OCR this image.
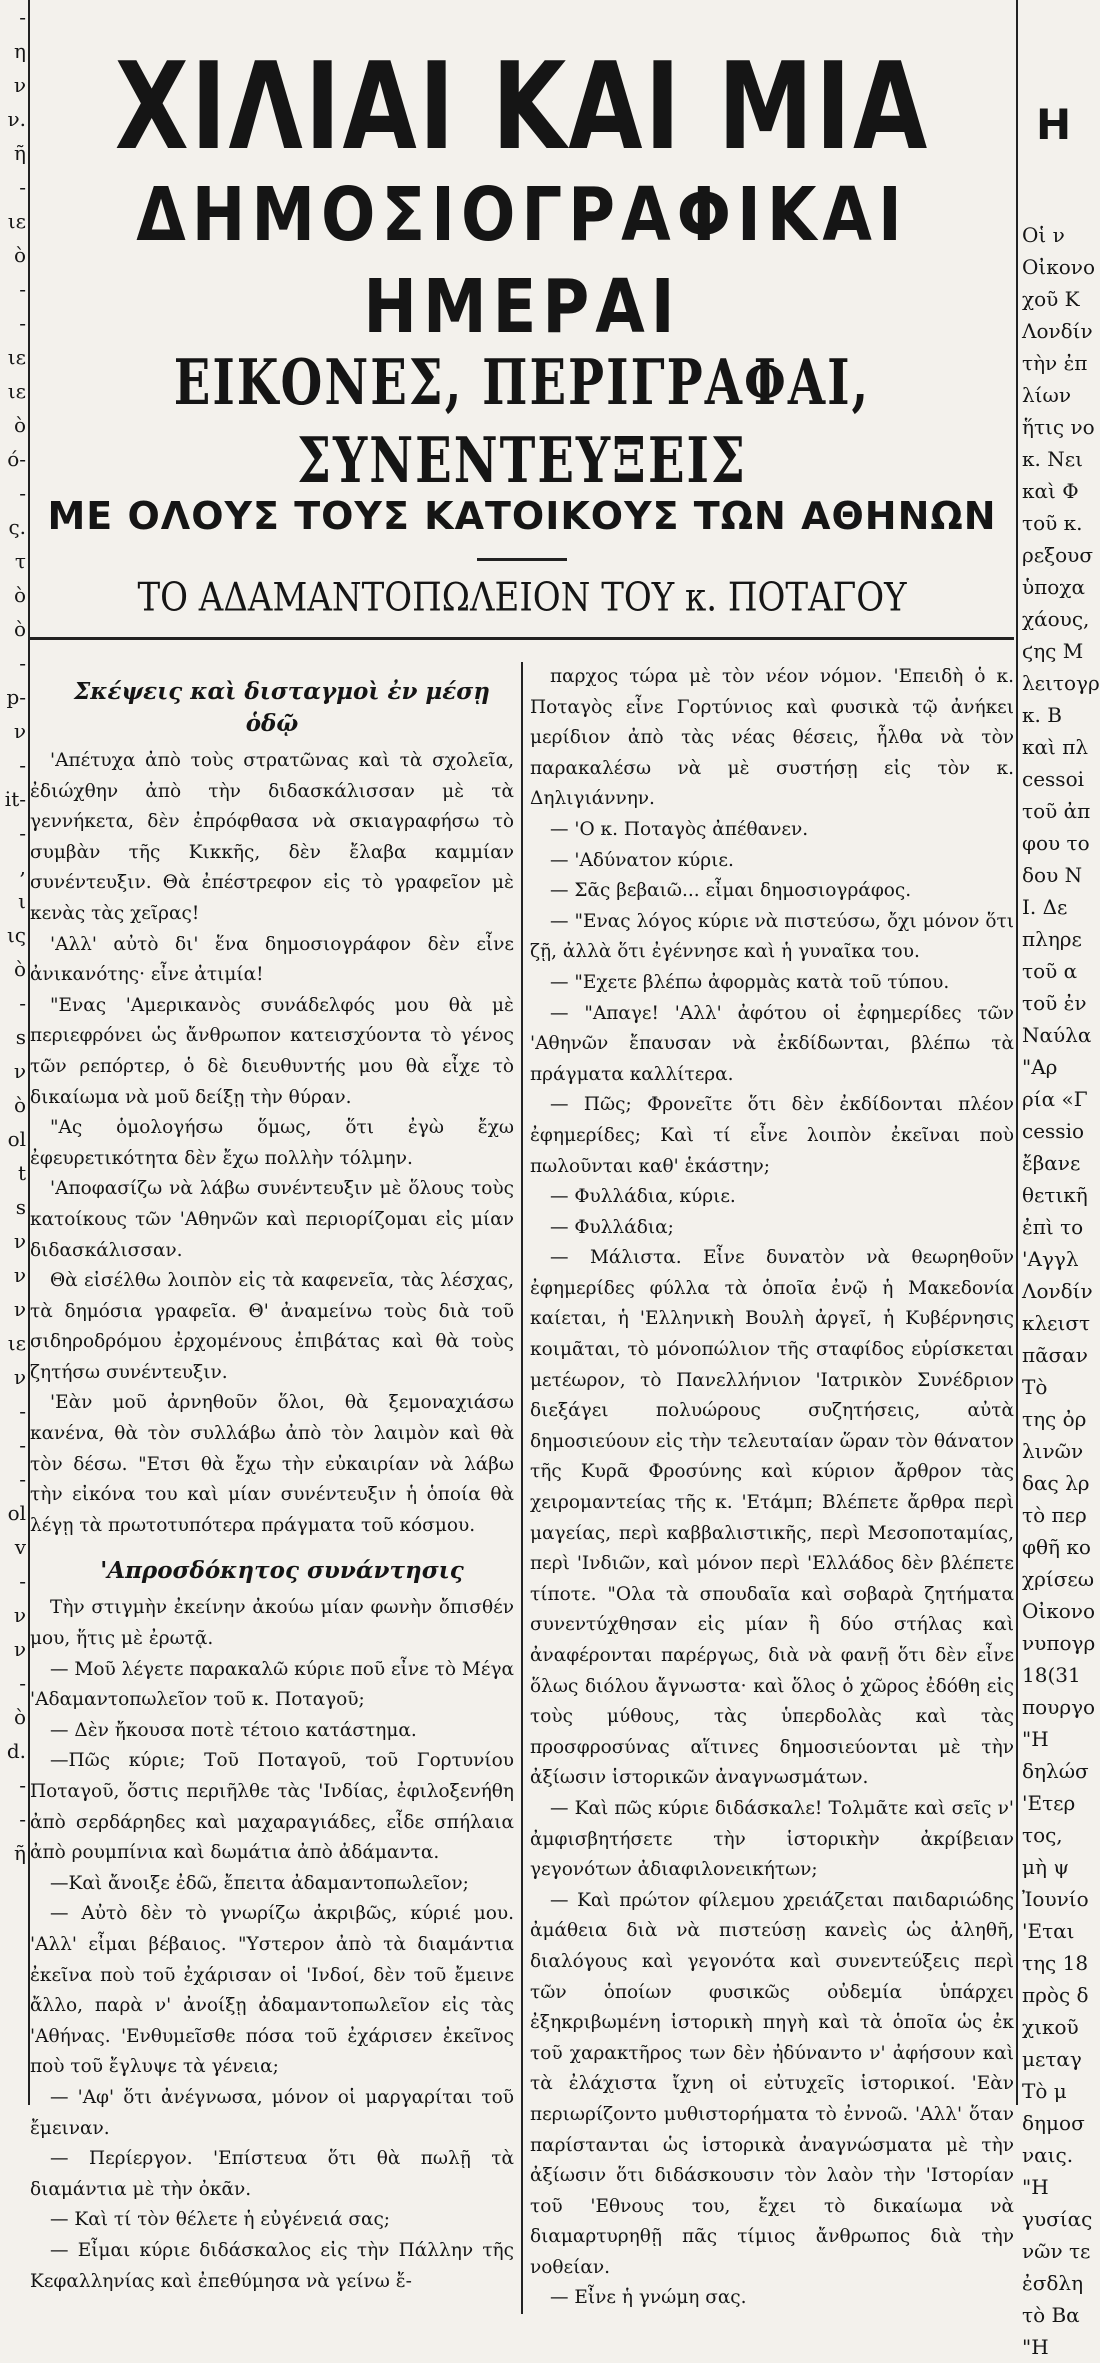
-
η
ν
ν.
ῆ
-
ιε
ò
-
-
ιε
ιε
ò
ό-
-
ς.
τ
ò
ὸ
-
p-
ν
-
it-
-
,
ι
ις
ὸ
-
s
ν
ò
ol
t
s
ν
ν
ν
ιε
ν
-
-
-
ol
v
-
ν
ν
-
ò
d.
-
-
ῆ
ΧΙΛΙΑΙ ΚΑΙ ΜΙΑ
ΔΗΜΟΣΙΟΓΡΑΦΙΚΑΙ ΗΜΕΡΑΙ
ΕΙΚΟΝΕΣ, ΠΕΡΙΓΡΑΦΑΙ, ΣΥΝΕΝΤΕΥΞΕΙΣ
ΜΕ ΟΛΟΥΣ ΤΟΥΣ ΚΑΤΟΙΚΟΥΣ ΤΩΝ ΑΘΗΝΩΝ
ΤΟ ΑΔΑΜΑΝΤΟΠΩΛΕΙΟΝ ΤΟΥ κ. ΠΟΤΑΓΟΥ

Σκέψεις καὶ δισταγμοὶ ἐν μέσῃ ὁδῷ

'Απέτυχα ἀπὸ τοὺς στρατῶνας καὶ τὰ σχολεῖα, ἐδιώχθην ἀπὸ τὴν διδασκάλισσαν μὲ τὰ γεννήκετα, δὲν ἐπρόφθασα νὰ σκιαγραφήσω τὸ συμβὰν τῆς Κικκῆς, δὲν ἔλαβα καμμίαν συνέντευξιν. Θὰ ἐπέστρεφον εἰς τὸ γραφεῖον μὲ κενὰς τὰς χεῖρας!

'Αλλ' αὐτὸ δι' ἕνα δημοσιογράφον δὲν εἶνε ἀνικανότης· εἶνε ἀτιμία!

"Ενας 'Αμερικανὸς συνάδελφός μου θὰ μὲ περιεφρόνει ὡς ἄνθρωπον κατεισχύοντα τὸ γένος τῶν ρεπόρτερ, ὁ δὲ διευθυντής μου θὰ εἶχε τὸ δικαίωμα νὰ μοῦ δείξῃ τὴν θύραν.

"Ας ὁμολογήσω ὅμως, ὅτι ἐγὼ ἔχω ἐφευρετικότητα δὲν ἔχω πολλὴν τόλμην.

'Αποφασίζω νὰ λάβω συνέντευξιν μὲ ὅλους τοὺς κατοίκους τῶν 'Αθηνῶν καὶ περιορίζομαι εἰς μίαν διδασκάλισσαν.

Θὰ εἰσέλθω λοιπὸν εἰς τὰ καφενεῖα, τὰς λέσχας, τὰ δημόσια γραφεῖα. Θ' ἀναμείνω τοὺς διὰ τοῦ σιδηροδρόμου ἐρχομένους ἐπιβάτας καὶ θὰ τοὺς ζητήσω συνέντευξιν.

'Εὰν μοῦ ἀρνηθοῦν ὅλοι, θὰ ξεμοναχιάσω κανένα, θὰ τὸν συλλάβω ἀπὸ τὸν λαιμὸν καὶ θὰ τὸν δέσω. "Ετσι θὰ ἔχω τὴν εὐκαιρίαν νὰ λάβω τὴν εἰκόνα του καὶ μίαν συνέντευξιν ἡ ὁποία θὰ λέγῃ τὰ πρωτοτυπότερα πράγματα τοῦ κόσμου.

'Απροσδόκητος συνάντησις

Τὴν στιγμὴν ἐκείνην ἀκούω μίαν φωνὴν ὄπισθέν μου, ἥτις μὲ ἐρωτᾷ.

— Μοῦ λέγετε παρακαλῶ κύριε ποῦ εἶνε τὸ Μέγα 'Αδαμαντοπωλεῖον τοῦ κ. Ποταγοῦ;

— Δὲν ἤκουσα ποτὲ τέτοιο κατάστημα.

—Πῶς κύριε; Τοῦ Ποταγοῦ, τοῦ Γορτυνίου Ποταγοῦ, ὅστις περιῆλθε τὰς 'Ινδίας, ἐφιλοξενήθη ἀπὸ σερδάρηδες καὶ μαχαραγιάδες, εἶδε σπήλαια ἀπὸ ρουμπίνια καὶ δωμάτια ἀπὸ ἀδάμαντα.

—Καὶ ἄνοιξε ἐδῶ, ἔπειτα ἀδαμαντοπωλεῖον;

— Αὐτὸ δὲν τὸ γνωρίζω ἀκριβῶς, κύριέ μου. 'Αλλ' εἶμαι βέβαιος. "Υστερον ἀπὸ τὰ διαμάντια ἐκεῖνα ποὺ τοῦ ἐχάρισαν οἱ 'Ινδοί, δὲν τοῦ ἔμεινε ἄλλο, παρὰ ν' ἀνοίξῃ ἀδαμαντοπωλεῖον εἰς τὰς 'Αθήνας. 'Ενθυμεῖσθε πόσα τοῦ ἐχάρισεν ἐκεῖνος ποὺ τοῦ ἔγλυψε τὰ γένεια;

— 'Αφ' ὅτι ἀνέγνωσα, μόνον οἱ μαργαρίται τοῦ ἔμειναν.

— Περίεργον. 'Επίστευα ὅτι θὰ πωλῇ τὰ διαμάντια μὲ τὴν ὀκᾶν.

— Καὶ τί τὸν θέλετε ἡ εὐγένειά σας;

— Εἶμαι κύριε διδάσκαλος εἰς τὴν Πάλλην τῆς Κεφαλληνίας καὶ ἐπεθύμησα νὰ γείνω ἔ-

παρχος τώρα μὲ τὸν νέον νόμον. 'Επειδὴ ὁ κ. Ποταγὸς εἶνε Γορτύνιος καὶ φυσικὰ τῷ ἀνήκει μερίδιον ἀπὸ τὰς νέας θέσεις, ἦλθα νὰ τὸν παρακαλέσω νὰ μὲ συστήσῃ εἰς τὸν κ. Δηλιγιάννην.

— 'Ο κ. Ποταγὸς ἀπέθανεν.

— 'Αδύνατον κύριε.

— Σᾶς βεβαιῶ... εἶμαι δημοσιογράφος.

— "Ενας λόγος κύριε νὰ πιστεύσω, ὄχι μόνον ὅτι ζῇ, ἀλλὰ ὅτι ἐγέννησε καὶ ἡ γυναῖκα του.

— "Εχετε βλέπω ἀφορμὰς κατὰ τοῦ τύπου.

— "Απαγε! 'Αλλ' ἀφότου οἱ ἐφημερίδες τῶν 'Αθηνῶν ἔπαυσαν νὰ ἐκδίδωνται, βλέπω τὰ πράγματα καλλίτερα.

— Πῶς; Φρονεῖτε ὅτι δὲν ἐκδίδονται πλέον ἐφημερίδες; Καὶ τί εἶνε λοιπὸν ἐκεῖναι ποὺ πωλοῦνται καθ' ἑκάστην;

— Φυλλάδια, κύριε.

— Φυλλάδια;

— Μάλιστα. Εἶνε δυνατὸν νὰ θεωρηθοῦν ἐφημερίδες φύλλα τὰ ὁποῖα ἐνῷ ἡ Μακεδονία καίεται, ἡ 'Ελληνικὴ Βουλὴ ἀργεῖ, ἡ Κυβέρνησις κοιμᾶται, τὸ μόνοπώλιον τῆς σταφίδος εὑρίσκεται μετέωρον, τὸ Πανελλήνιον 'Ιατρικὸν Συνέδριον διεξάγει πολυώρους συζητήσεις, αὐτὰ δημοσιεύουν εἰς τὴν τελευταίαν ὥραν τὸν θάνατον τῆς Κυρᾶ Φροσύνης καὶ κύριον ἄρθρον τὰς χειρομαντείας τῆς κ. 'Ετάμπ; Βλέπετε ἄρθρα περὶ μαγείας, περὶ καββαλιστικῆς, περὶ Μεσοποταμίας, περὶ 'Ινδιῶν, καὶ μόνον περὶ 'Ελλάδος δὲν βλέπετε τίποτε. "Ολα τὰ σπουδαῖα καὶ σοβαρὰ ζητήματα συνεντύχθησαν εἰς μίαν ἢ δύο στήλας καὶ ἀναφέρονται παρέργως, διὰ νὰ φανῇ ὅτι δὲν εἶνε ὅλως διόλου ἄγνωστα· καὶ ὅλος ὁ χῶρος ἐδόθη εἰς τοὺς μύθους, τὰς ὑπερδολὰς καὶ τὰς προσφροσύνας αἵτινες δημοσιεύονται μὲ τὴν ἀξίωσιν ἱστορικῶν ἀναγνωσμάτων.

— Καὶ πῶς κύριε διδάσκαλε! Τολμᾶτε καὶ σεῖς ν' ἀμφισβητήσετε τὴν ἱστορικὴν ἀκρίβειαν γεγονότων ἀδιαφιλονεικήτων;

— Καὶ πρώτον φίλεμου χρειάζεται παιδαριώδης ἀμάθεια διὰ νὰ πιστεύσῃ κανεὶς ὡς ἀληθῆ, διαλόγους καὶ γεγονότα καὶ συνεντεύξεις περὶ τῶν ὁποίων φυσικῶς οὐδεμία ὑπάρχει ἐξηκριβωμένη ἱστορικὴ πηγὴ καὶ τὰ ὁποῖα ὡς ἐκ τοῦ χαρακτῆρος των δὲν ἠδύναντο ν' ἀφήσουν καὶ τὰ ἐλάχιστα ἴχνη οἱ εὐτυχεῖς ἱστορικοί. 'Εὰν περιωρίζοντο μυθιστορήματα τὸ ἐννοῶ. 'Αλλ' ὅταν παρίστανται ὡς ἱστορικὰ ἀναγνώσματα μὲ τὴν ἀξίωσιν ὅτι διδάσκουσιν τὸν λαὸν τὴν 'Ιστορίαν τοῦ 'Εθνους του, ἔχει τὸ δικαίωμα νὰ διαμαρτυρηθῇ πᾶς τίμιος ἄνθρωπος διὰ τὴν νοθείαν.

— Εἶνε ἡ γνώμη σας.

Η
Οἱ ν
Οἰκονο
χοῦ Κ
Λονδίν
τὴν ἐπ
λίων
ἥτις νο
κ. Νει
καὶ Φ
τοῦ κ.
ρεξουσ
ὑποχα
χάους,
ϛης Μ
λειτογρ
κ. Β
καὶ πλ
cessoi
τοῦ ἀπ
φου το
δου Ν
Ι. Δε
πληρε
τοῦ α
τοῦ ἐν
Ναύλα
"Αρ
ρία «Γ
cessio
ἔβανε
θετικῆ
ἐπὶ το
'Αγγλ
Λονδίν
κλειστ
πᾶσαν
Τὸ
της ὀρ
λινῶν
δας λρ
τὸ περ
φθῆ κο
χρίσεω
Οἰκονο
νυπογρ
18(31
πουργο
"Η
δηλώσ
'Ετερ
τος,
μὴ ψ
Ἰουνίο
'Εται
της 18
πρὸς δ
χικοῦ
μεταγ
Τὸ μ
δημοσ
ναις.
"Η
γυσίας
νῶν τε
ἐσδλη
τὸ Βα
"Η
